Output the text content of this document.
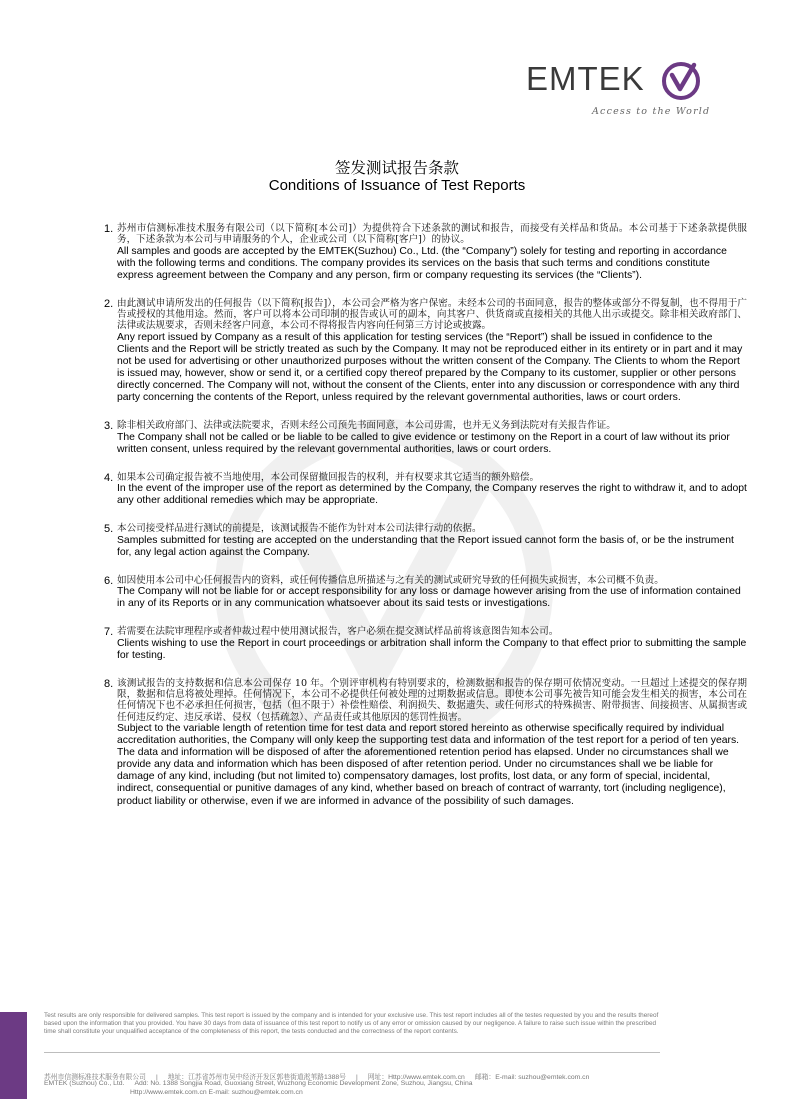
EMTEK
Access to the World
签发测试报告条款
Conditions of Issuance of Test Reports
1. 苏州市信测标准技术服务有限公司（以下简称[本公司]）为提供符合下述条款的测试和报告，而接受有关样品和货品。本公司基于下述条款提供服务，下述条款为本公司与申请服务的个人，企业或公司（以下简称[客户]）的协议。
All samples and goods are accepted by the EMTEK(Suzhou) Co., Ltd. (the “Company”) solely for testing and reporting in accordance with the following terms and conditions. The company provides its services on the basis that such terms and conditions constitute express agreement between the Company and any person, firm or company requesting its services (the “Clients”).
2. 由此测试申请所发出的任何报告（以下简称[报告]），本公司会严格为客户保密。未经本公司的书面同意，报告的整体或部分不得复制，也不得用于广告或授权的其他用途。然而，客户可以将本公司印制的报告或认可的副本，向其客户、供货商或直接相关的其他人出示或提交。除非相关政府部门、法律或法规要求，否则未经客户同意，本公司不得将报告内容向任何第三方讨论或披露。
Any report issued by Company as a result of this application for testing services (the “Report”) shall be issued in confidence to the Clients and the Report will be strictly treated as such by the Company. It may not be reproduced either in its entirety or in part and it may not be used for advertising or other unauthorized purposes without the written consent of the Company. The Clients to whom the Report is issued may, however, show or send it, or a certified copy thereof prepared by the Company to its customer, supplier or other persons directly concerned. The Company will not, without the consent of the Clients, enter into any discussion or correspondence with any third party concerning the contents of the Report, unless required by the relevant governmental authorities, laws or court orders.
3. 除非相关政府部门、法律或法院要求，否则未经公司预先书面同意，本公司毋需，也并无义务到法院对有关报告作证。
The Company shall not be called or be liable to be called to give evidence or testimony on the Report in a court of law without its prior written consent, unless required by the relevant governmental authorities, laws or court orders.
4. 如果本公司确定报告被不当地使用，本公司保留撤回报告的权利，并有权要求其它适当的额外赔偿。
In the event of the improper use of the report as determined by the Company, the Company reserves the right to withdraw it, and to adopt any other additional remedies which may be appropriate.
5. 本公司接受样品进行测试的前提是，该测试报告不能作为针对本公司法律行动的依据。
Samples submitted for testing are accepted on the understanding that the Report issued cannot form the basis of, or be the instrument for, any legal action against the Company.
6. 如因使用本公司中心任何报告内的资料，或任何传播信息所描述与之有关的测试或研究导致的任何损失或损害，本公司概不负责。
The Company will not be liable for or accept responsibility for any loss or damage however arising from the use of information contained in any of its Reports or in any communication whatsoever about its said tests or investigations.
7. 若需要在法院审理程序或者仲裁过程中使用测试报告，客户必须在提交测试样品前将该意图告知本公司。
Clients wishing to use the Report in court proceedings or arbitration shall inform the Company to that effect prior to submitting the sample for testing.
8. 该测试报告的支持数据和信息本公司保存 10 年。个别评审机构有特别要求的，检测数据和报告的保存期可依情况变动。一旦超过上述提交的保存期限，数据和信息将被处理掉。任何情况下，本公司不必提供任何被处理的过期数据或信息。即使本公司事先被告知可能会发生相关的损害，本公司在任何情况下也不必承担任何损害，包括（但不限于）补偿性赔偿、利润损失、数据遗失、或任何形式的特殊损害、附带损害、间接损害、从属损害或任何违反约定、违反承诺、侵权（包括疏忽）、产品责任或其他原因的惩罚性损害。
Subject to the variable length of retention time for test data and report stored hereinto as otherwise specifically required by individual accreditation authorities, the Company will only keep the supporting test data and information of the test report for a period of ten years. The data and information will be disposed of after the aforementioned retention period has elapsed. Under no circumstances shall we provide any data and information which has been disposed of after retention period. Under no circumstances shall we be liable for damage of any kind, including (but not limited to) compensatory damages, lost profits, lost data, or any form of special, incidental, indirect, consequential or punitive damages of any kind, whether based on breach of contract of warranty, tort (including negligence), product liability or otherwise, even if we are informed in advance of the possibility of such damages.
Test results are only responsible for delivered samples. This test report is issued by the company and is intended for your exclusive use. This test report includes all of the testes requested by you and the results thereof based upon the information that you provided. You have 30 days from data of issuance of this test report to notify us of any error or omission caused by our negligence. A failure to raise such issue within the prescribed time shall constitute your unqualified acceptance of the completeness of this report, the tests conducted and the correctness of the report contents.
苏州市信测标准技术服务有限公司 | 地址：江苏省苏州市吴中经济开发区郭巷街道淞苇路1388号 | 网址：Http://www.emtek.com.cn 邮箱：E-mail: suzhou@emtek.com.cn
EMTEK (Suzhou) Co., Ltd. Add: No. 1388 Songjia Road, Guoxiang Street, Wuzhong Economic Development Zone, Suzhou, Jiangsu, China
Http://www.emtek.com.cn E-mail: suzhou@emtek.com.cn
